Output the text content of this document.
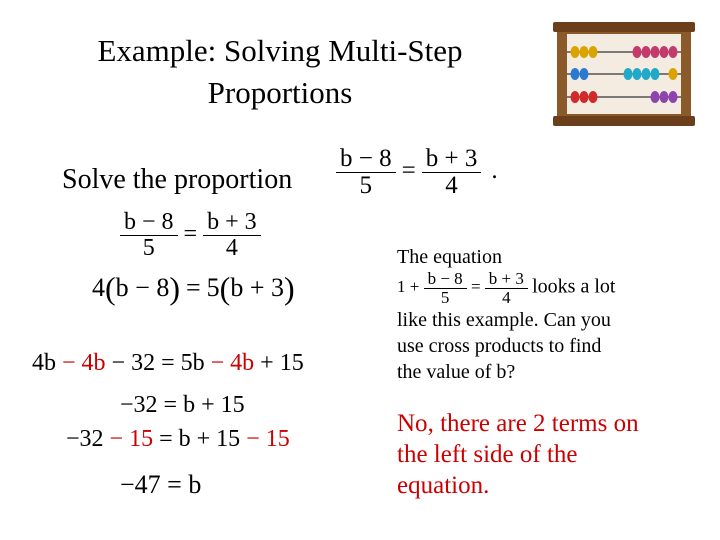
Example: Solving Multi-Step
Proportions
Solve the proportion $\frac{b - 8}{5} = \frac{b + 3}{4}$ .
$\frac{b - 8}{5} = \frac{b + 3}{4}$
4(b − 8) = 5(b + 3)
4b − 4b − 32 = 5b − 4b + 15
−32 = b + 15
−32 − 15 = b + 15 − 15
−47 = b
The equation $1 + \frac{b - 8}{5} = \frac{b + 3}{4}$ looks a lot like this example. Can you use cross products to find the value of b?
No, there are 2 terms on the left side of the equation.
